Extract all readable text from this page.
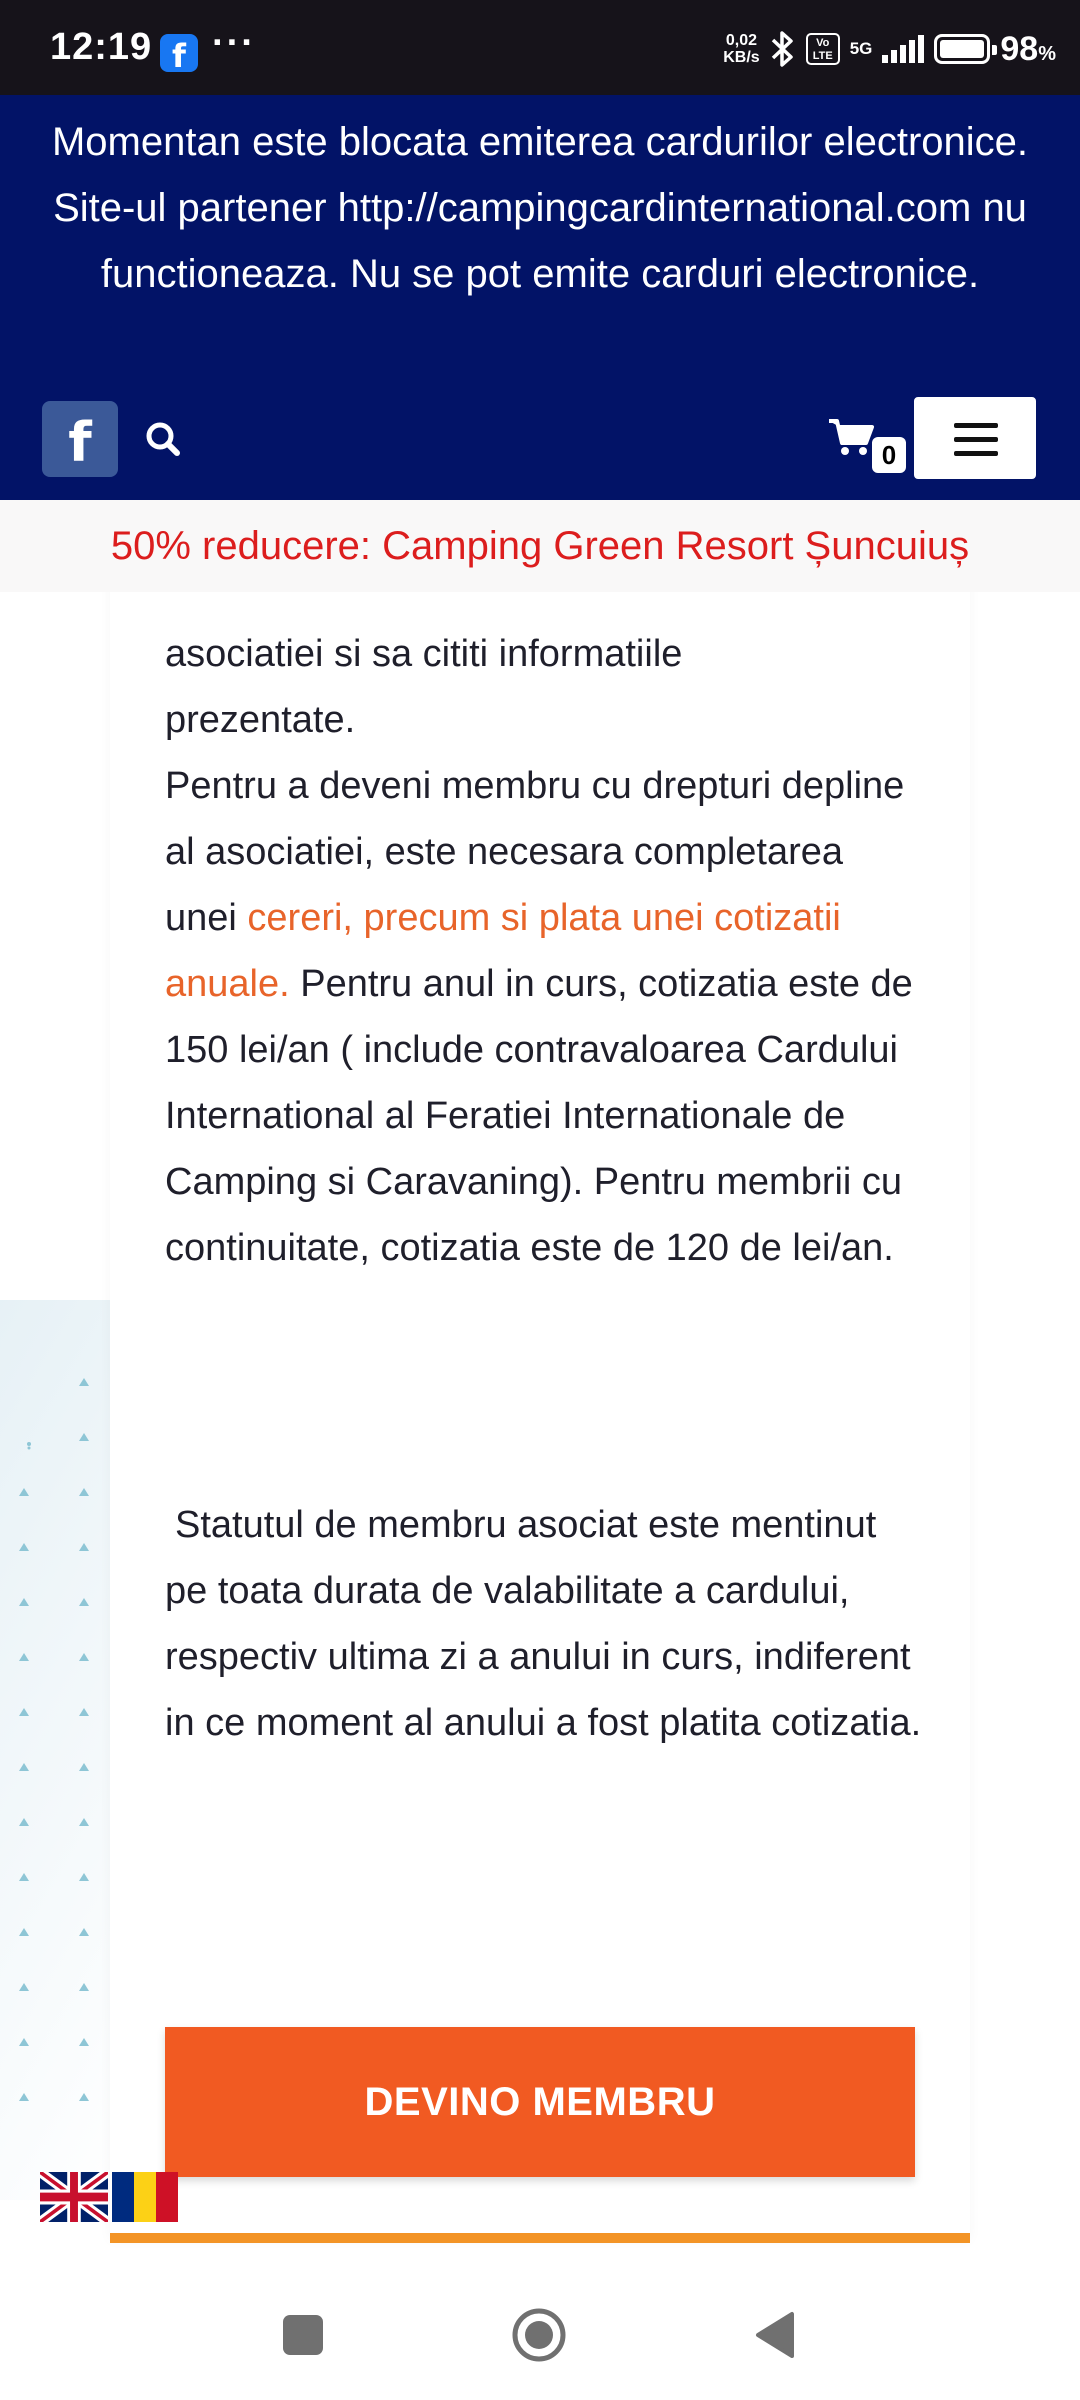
12:19 f ···	0,02
KB/s
Vo LTE	5G	98%
Momentan este blocata emiterea cardurilor electronice. Site-ul partener http://campingcardinternational.com nu functioneaza. Nu se pot emite carduri electronice.
f	0
50% reducere: Camping Green Resort Șuncuiuș
asociatiei si sa cititi informatiile
prezentate.
Pentru a deveni membru cu drepturi depline al asociatiei, este necesara completarea unei cereri, precum si plata unei cotizatii anuale. Pentru anul in curs, cotizatia este de 150 lei/an ( include contravaloarea Cardului International al Feratiei Internationale de Camping si Caravaning). Pentru membrii cu continuitate, cotizatia este de 120 de lei/an.
Statutul de membru asociat este mentinut pe toata durata de valabilitate a cardului, respectiv ultima zi a anului in curs, indiferent in ce moment al anului a fost platita cotizatia.
DEVINO MEMBRU
